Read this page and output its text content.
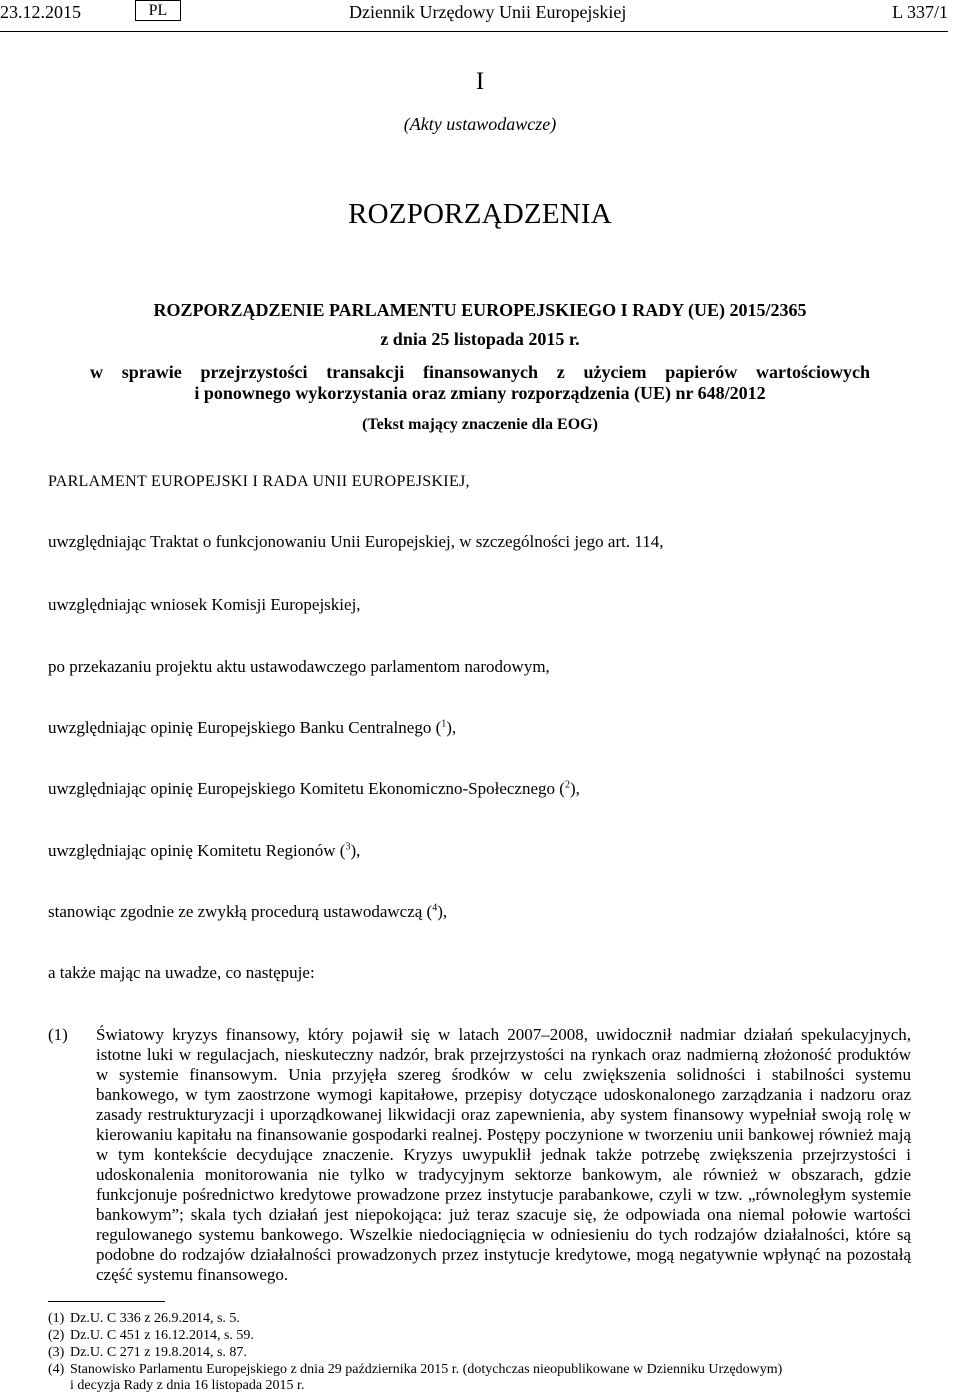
23.12.2015	PL	Dziennik Urzędowy Unii Europejskiej	L 337/1
I
(Akty ustawodawcze)
ROZPORZĄDZENIA
ROZPORZĄDZENIE PARLAMENTU EUROPEJSKIEGO I RADY (UE) 2015/2365
z dnia 25 listopada 2015 r.
w sprawie przejrzystości transakcji finansowanych z użyciem papierów wartościowych
i ponownego wykorzystania oraz zmiany rozporządzenia (UE) nr 648/2012
(Tekst mający znaczenie dla EOG)
PARLAMENT EUROPEJSKI I RADA UNII EUROPEJSKIEJ,
uwzględniając Traktat o funkcjonowaniu Unii Europejskiej, w szczególności jego art. 114,
uwzględniając wniosek Komisji Europejskiej,
po przekazaniu projektu aktu ustawodawczego parlamentom narodowym,
uwzględniając opinię Europejskiego Banku Centralnego ($^1$),
uwzględniając opinię Europejskiego Komitetu Ekonomiczno-Społecznego ($^2$),
uwzględniając opinię Komitetu Regionów ($^3$),
stanowiąc zgodnie ze zwykłą procedurą ustawodawczą ($^4$),
a także mając na uwadze, co następuje:
(1) Światowy kryzys finansowy, który pojawił się w latach 2007–2008, uwidocznił nadmiar działań spekulacyjnych, istotne luki w regulacjach, nieskuteczny nadzór, brak przejrzystości na rynkach oraz nadmierną złożoność produktów w systemie finansowym. Unia przyjęła szereg środków w celu zwiększenia solidności i stabilności systemu bankowego, w tym zaostrzone wymogi kapitałowe, przepisy dotyczące udoskonalonego zarządzania i nadzoru oraz zasady restrukturyzacji i uporządkowanej likwidacji oraz zapewnienia, aby system finansowy wypełniał swoją rolę w kierowaniu kapitału na finansowanie gospodarki realnej. Postępy poczynione w tworzeniu unii bankowej również mają w tym kontekście decydujące znaczenie. Kryzys uwypuklił jednak także potrzebę zwiększenia przejrzystości i udoskonalenia monitorowania nie tylko w tradycyjnym sektorze bankowym, ale również w obszarach, gdzie funkcjonuje pośrednictwo kredytowe prowadzone przez instytucje parabankowe, czyli w tzw. „równoległym systemie bankowym”; skala tych działań jest niepokojąca: już teraz szacuje się, że odpowiada ona niemal połowie wartości regulowanego systemu bankowego. Wszelkie niedociągnięcia w odniesieniu do tych rodzajów działalności, które są podobne do rodzajów działalności prowadzonych przez instytucje kredytowe, mogą negatywnie wpłynąć na pozostałą część systemu finansowego.
(1) Dz.U. C 336 z 26.9.2014, s. 5.
(2) Dz.U. C 451 z 16.12.2014, s. 59.
(3) Dz.U. C 271 z 19.8.2014, s. 87.
(4) Stanowisko Parlamentu Europejskiego z dnia 29 października 2015 r. (dotychczas nieopublikowane w Dzienniku Urzędowym)
i decyzja Rady z dnia 16 listopada 2015 r.
